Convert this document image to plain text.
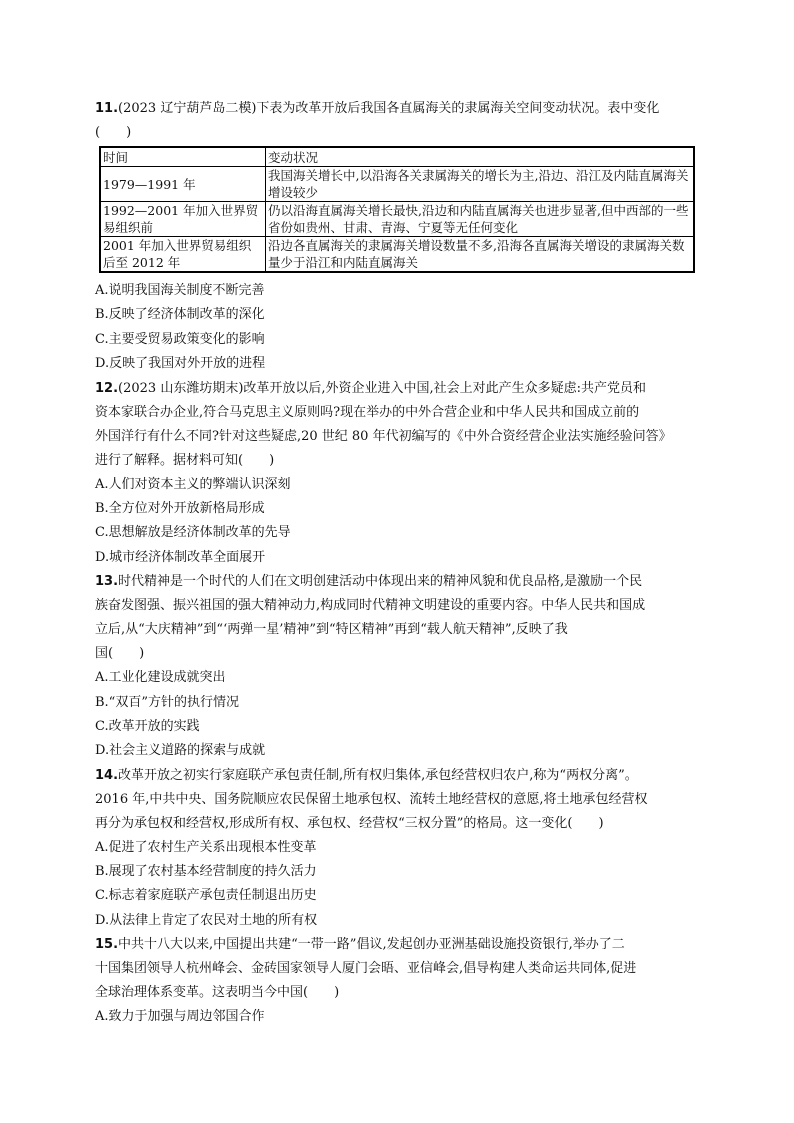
11.(2023 辽宁葫芦岛二模)下表为改革开放后我国各直属海关的隶属海关空间变动状况。表中变化
(　　)
时间	变动状况
1979—1991 年	我国海关增长中,以沿海各关隶属海关的增长为主,沿边、沿江及内陆直属海关增设较少
1992—2001 年加入世界贸易组织前	仍以沿海直属海关增长最快,沿边和内陆直属海关也进步显著,但中西部的一些省份如贵州、甘肃、青海、宁夏等无任何变化
2001 年加入世界贸易组织后至 2012 年	沿边各直属海关的隶属海关增设数量不多,沿海各直属海关增设的隶属海关数量少于沿江和内陆直属海关
A.说明我国海关制度不断完善
B.反映了经济体制改革的深化
C.主要受贸易政策变化的影响
D.反映了我国对外开放的进程
12.(2023 山东潍坊期末)改革开放以后,外资企业进入中国,社会上对此产生众多疑虑:共产党员和
资本家联合办企业,符合马克思主义原则吗?现在举办的中外合营企业和中华人民共和国成立前的
外国洋行有什么不同?针对这些疑虑,20 世纪 80 年代初编写的《中外合资经营企业法实施经验问答》
进行了解释。据材料可知(　　)
A.人们对资本主义的弊端认识深刻
B.全方位对外开放新格局形成
C.思想解放是经济体制改革的先导
D.城市经济体制改革全面展开
13.时代精神是一个时代的人们在文明创建活动中体现出来的精神风貌和优良品格,是激励一个民
族奋发图强、振兴祖国的强大精神动力,构成同时代精神文明建设的重要内容。中华人民共和国成
立后,从“大庆精神”到“‘两弹一星’精神”到“特区精神”再到“载人航天精神”,反映了我
国(　　)
A.工业化建设成就突出
B.“双百”方针的执行情况
C.改革开放的实践
D.社会主义道路的探索与成就
14.改革开放之初实行家庭联产承包责任制,所有权归集体,承包经营权归农户,称为“两权分离”。
2016 年,中共中央、国务院顺应农民保留土地承包权、流转土地经营权的意愿,将土地承包经营权
再分为承包权和经营权,形成所有权、承包权、经营权“三权分置”的格局。这一变化(　　)
A.促进了农村生产关系出现根本性变革
B.展现了农村基本经营制度的持久活力
C.标志着家庭联产承包责任制退出历史
D.从法律上肯定了农民对土地的所有权
15.中共十八大以来,中国提出共建“一带一路”倡议,发起创办亚洲基础设施投资银行,举办了二
十国集团领导人杭州峰会、金砖国家领导人厦门会晤、亚信峰会,倡导构建人类命运共同体,促进
全球治理体系变革。这表明当今中国(　　)
A.致力于加强与周边邻国合作
